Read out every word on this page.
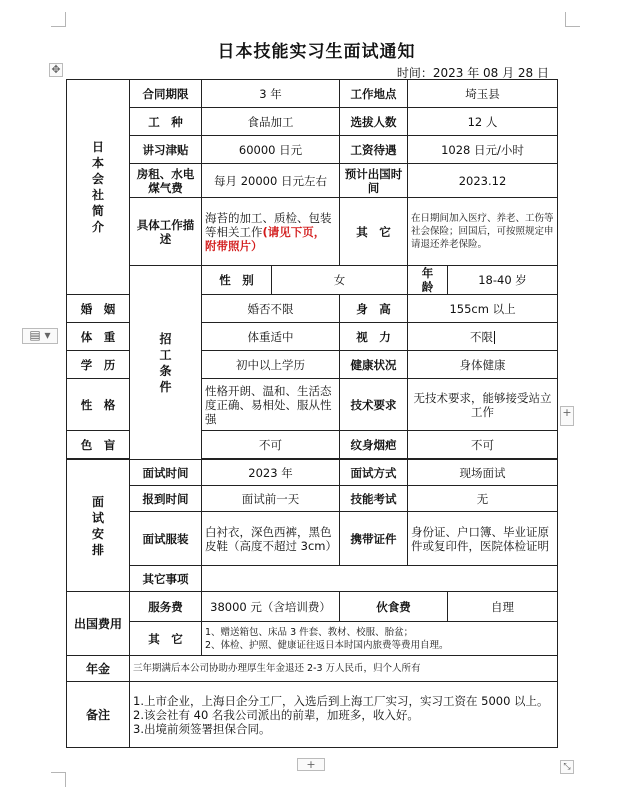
✥
▤ ▾
+
+	⤡
日本技能实习生面试通知
时间：2023 年 08 月 28 日
日本会社简介	合同期限	3 年		工作地点	埼玉县	
	工　种	食品加工		选拔人数	12 人	
	讲习津贴	60000 日元		工资待遇	1028 日元/小时	
	房租、水电煤气费	每月 20000 日元左右		预计出国时间	2023.12	
	具体工作描述	海苔的加工、质检、包装等相关工作(请见下页，附带照片）		其　它	在日期间加入医疗、养老、工伤等社会保险；回国后，可按照规定申请退还养老保险。	
	招工条件	性　别	女		年　龄	18-40 岁
婚　姻		婚否不限		身　高	155cm 以上	
体　重		体重适中		视　力	不限	
学　历		初中以上学历		健康状况	身体健康	
性　格		性格开朗、温和、生活态度正确、易相处、服从性强		技术要求	无技术要求，能够接受站立工作	
色　盲		不可		纹身烟疤	不可	

面试安排	面试时间	2023 年		面试方式	现场面试	
	报到时间	面试前一天		技能考试	无	
	面试服装	白衬衣，深色西裤，黑色皮鞋（高度不超过 3cm）		携带证件	身份证、户口簿、毕业证原件或复印件，医院体检证明	
	其它事项					
出国费用	服务费	38000 元（含培训费）		伙食费		自理
	其　它	1、赠送箱包、床品 3 件套、教材、校服、胎盆；
2、体检、护照、健康证往返日本时国内旅费等费用自理。				

年金	三年期满后本公司协助办理厚生年金退还 2-3 万人民币，归个人所有					
备注	1.上市企业，上海日企分工厂，入选后到上海工厂实习，实习工资在 5000 以上。
2.该会社有 40 名我公司派出的前辈，加班多，收入好。
3.出境前须签署担保合同。					
